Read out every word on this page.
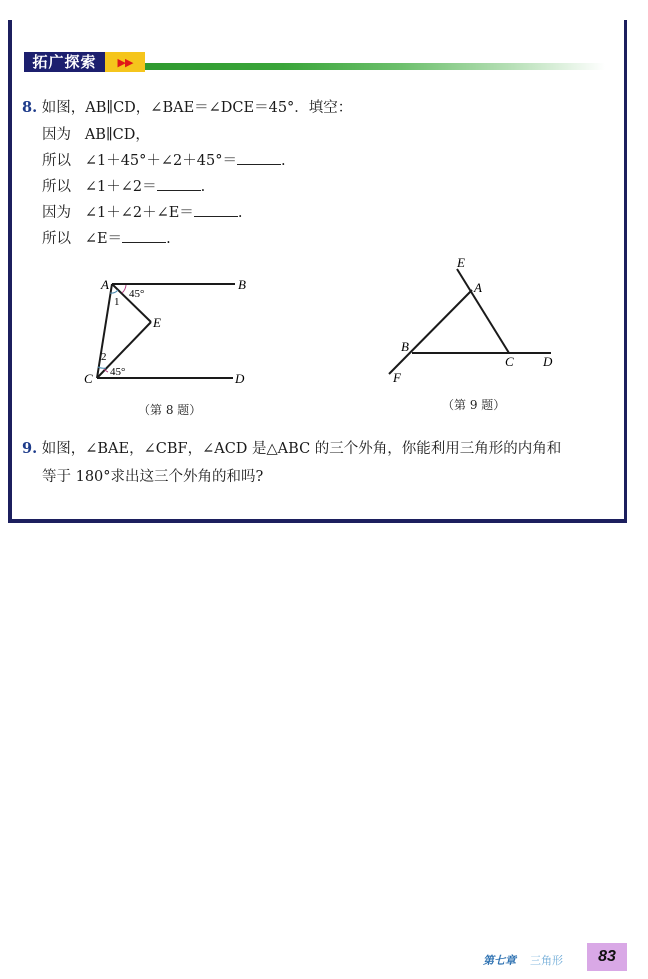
拓广探索	▶▶
8. 如图，AB∥CD，∠BAE＝∠DCE＝45°．填空：
因为 AB∥CD，
所以 ∠1＋45°＋∠2＋45°＝	.
所以 ∠1＋∠2＝	.
因为 ∠1＋∠2＋∠E＝	.
所以 ∠E＝	.
A	B
E
C	D
1
2
45°
45°
E
A
B
C D
F
（第 8 题）	（第 9 题）
9. 如图，∠BAE，∠CBF，∠ACD 是△ABC 的三个外角，你能利用三角形的内角和
等于 180°求出这三个外角的和吗?
第七章 三角形	83
